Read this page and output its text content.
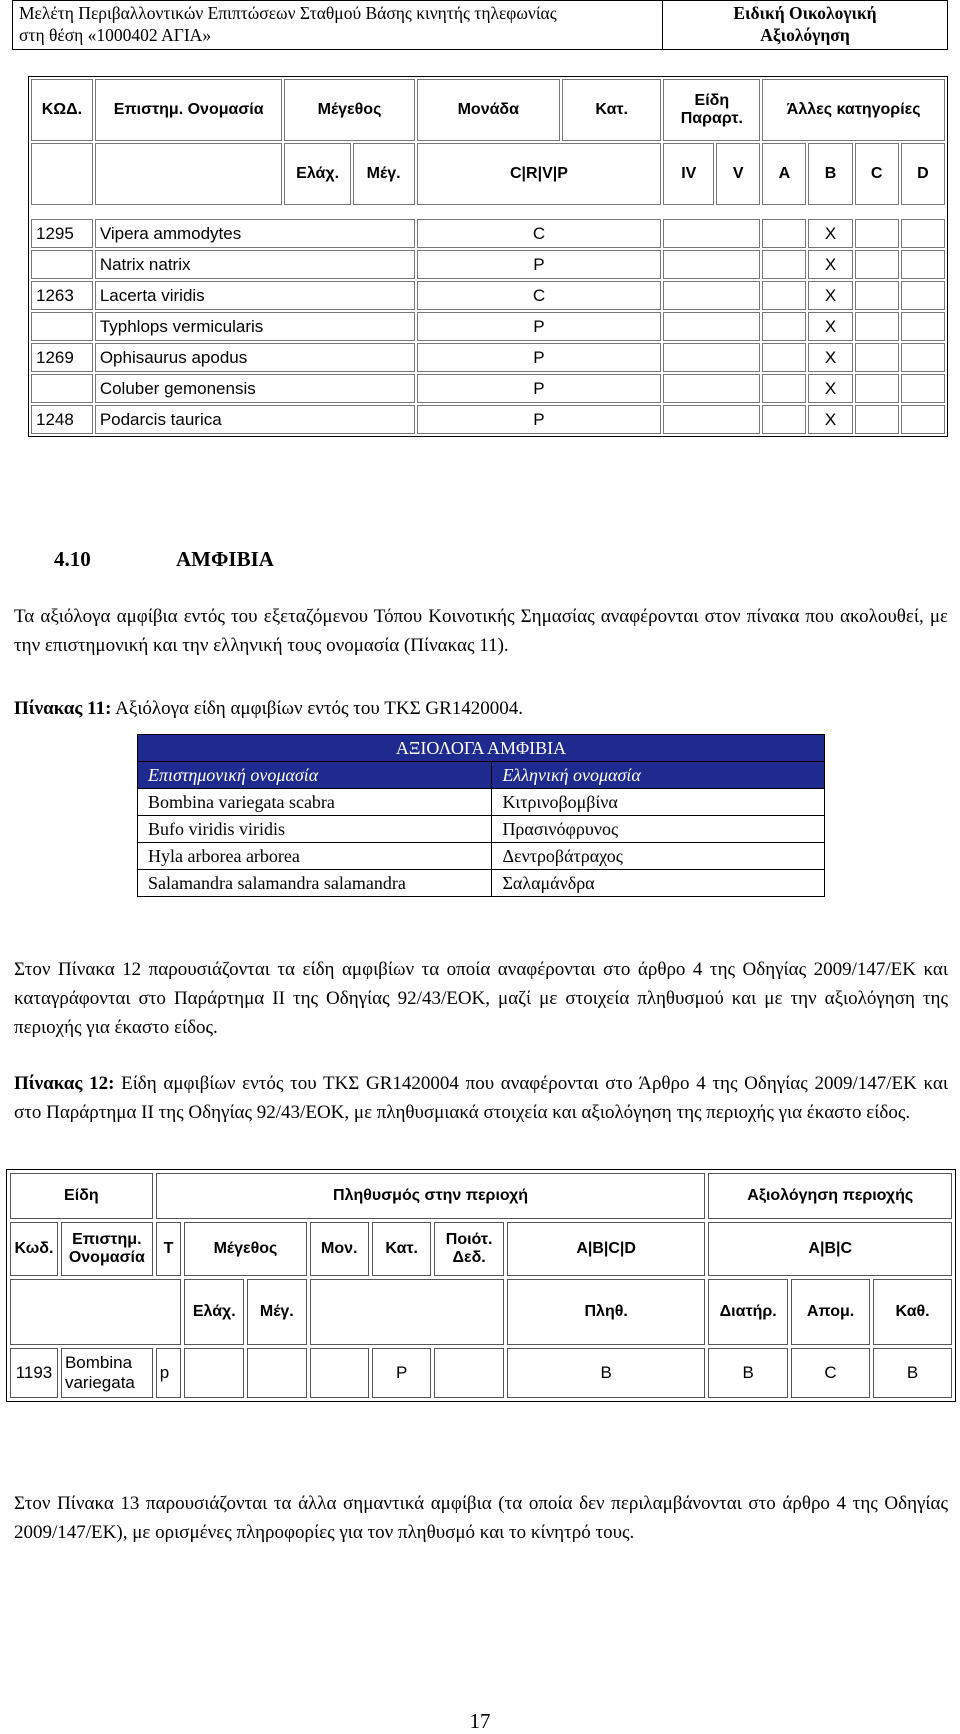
Μελέτη Περιβαλλοντικών Επιπτώσεων Σταθμού Βάσης κινητής τηλεφωνίας
στη θέση «1000402 ΑΓΙΑ»	Ειδική Οικολογική
Αξιολόγηση
ΚΩΔ.	Επιστημ. Ονομασία	Μέγεθος		Μονάδα	Κατ.	Είδη Παραρτ.		Άλλες κατηγορίες			
		Ελάχ.	Μέγ.	C|R|V|P		IV	V	A	B	C	D

1295	Vipera ammodytes			C					X		
	Natrix natrix			P					X		
1263	Lacerta viridis			C					X		
	Typhlops vermicularis			P					X		
1269	Ophisaurus apodus			P					X		
	Coluber gemonensis			P					X		
1248	Podarcis taurica			P					X		
4.10	ΑΜΦΙΒΙΑ
Τα αξιόλογα αμφίβια εντός του εξεταζόμενου Τόπου Κοινοτικής Σημασίας αναφέρονται στον πίνακα που ακολουθεί, με την επιστημονική και την ελληνική τους ονομασία (Πίνακας 11).
Πίνακας 11: Αξιόλογα είδη αμφιβίων εντός του ΤΚΣ GR1420004.
ΑΞΙΟΛΟΓΑ ΑΜΦΙΒΙΑ	
Επιστημονική ονομασία	Ελληνική ονομασία
Bombina variegata scabra	Κιτρινοβομβίνα
Bufo viridis viridis	Πρασινόφρυνος
Hyla arborea arborea	Δεντροβάτραχος
Salamandra salamandra salamandra	Σαλαμάνδρα
Στον Πίνακα 12 παρουσιάζονται τα είδη αμφιβίων τα οποία αναφέρονται στο άρθρο 4 της Οδηγίας 2009/147/ΕΚ και καταγράφονται στο Παράρτημα ΙΙ της Οδηγίας 92/43/ΕΟΚ, μαζί με στοιχεία πληθυσμού και με την αξιολόγηση της περιοχής για έκαστο είδος.
Πίνακας 12: Είδη αμφιβίων εντός του ΤΚΣ GR1420004 που αναφέρονται στο Άρθρο 4 της Οδηγίας 2009/147/ΕΚ και στο Παράρτημα ΙΙ της Οδηγίας 92/43/ΕΟΚ, με πληθυσμιακά στοιχεία και αξιολόγηση της περιοχής για έκαστο είδος.
Είδη		Πληθυσμός στην περιοχή							Αξιολόγηση περιοχής		
Κωδ.	Επιστημ. Ονομασία	T	Μέγεθος		Μον.	Κατ.	Ποιότ. Δεδ.	A|B|C|D	A|B|C		
			Ελάχ.	Μέγ.				Πληθ.	Διατήρ.	Απομ.	Καθ.
1193	Bombina variegata	p				P		B	B	C	B
Στον Πίνακα 13 παρουσιάζονται τα άλλα σημαντικά αμφίβια (τα οποία δεν περιλαμβάνονται στο άρθρο 4 της Οδηγίας 2009/147/ΕΚ), με ορισμένες πληροφορίες για τον πληθυσμό και το κίνητρό τους.
17
